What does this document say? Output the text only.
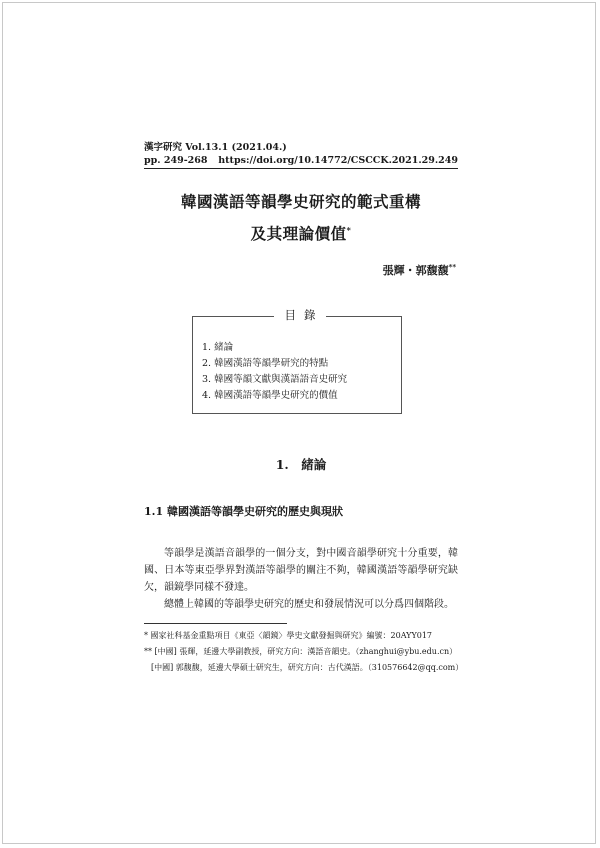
漢字研究 Vol.13.1 (2021.04.)
pp. 249-268 https://doi.org/10.14772/CSCCK.2021.29.249
韓國漢語等韻學史研究的範式重構
及其理論價值*
張輝・郭馥馥**
目錄
1. 緒論
2. 韓國漢語等韻學研究的特點
3. 韓國等韻文獻與漢語語音史研究
4. 韓國漢語等韻學史研究的價值
1.　緒論
1.1 韓國漢語等韻學史研究的歷史與現狀

等韻學是漢語音韻學的一個分支，對中國音韻學研究十分重要，韓國、日本等東亞學界對漢語等韻學的關注不夠，韓國漢語等韻學研究缺欠，韻鏡學同樣不發達。

總體上韓國的等韻學史研究的歷史和發展情況可以分爲四個階段。

* 國家社科基金重點項目《東亞〈韻鏡〉學史文獻發掘與研究》編號：20AYY017
** [中國] 張輝，延邊大學副教授，研究方向：漢語音韻史。（zhanghui@ybu.edu.cn）
[中國] 郭馥馥，延邊大學碩士研究生，研究方向：古代漢語。（310576642@qq.com）
